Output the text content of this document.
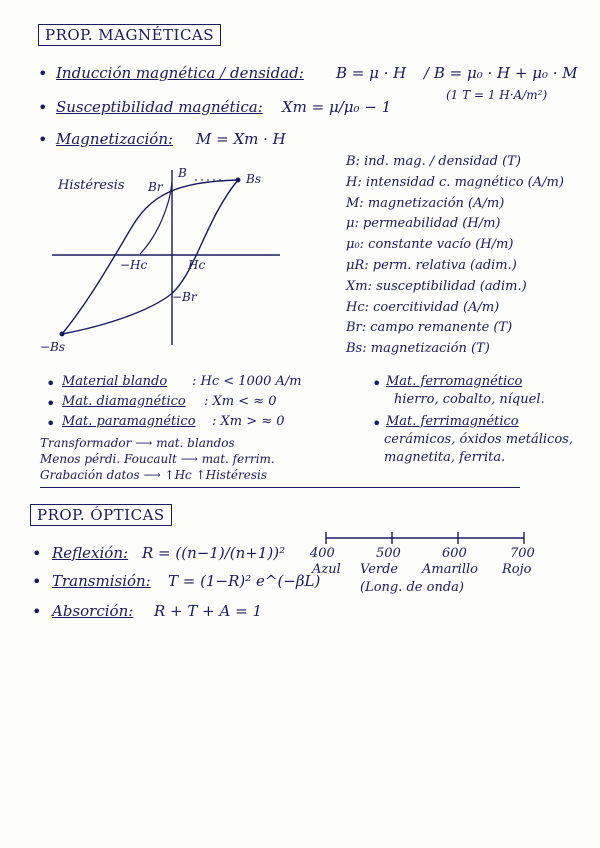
PROP. MAGNÉTICAS
• Inducción magnética / densidad: B = μ · H / B = μ₀ · H + μ₀ · M
(1 T = 1 H·A/m²)
• Susceptibilidad magnética: Xm = μ/μ₀ − 1
• Magnetización: M = Xm · H
Histéresis
B
Br
Bs
−Hc	Hc
−Br
−Bs
B: ind. mag. / densidad (T)
H: intensidad c. magnético (A/m)
M: magnetización (A/m)
μ: permeabilidad (H/m)
μ₀: constante vacío (H/m)
μR: perm. relativa (adim.)
Xm: susceptibilidad (adim.)
Hc: coercitividad (A/m)
Br: campo remanente (T)
Bs: magnetización (T)
• Material blando : Hc < 1000 A/m
• Mat. diamagnético : Xm < ≈ 0
• Mat. paramagnético : Xm > ≈ 0
Transformador ⟶ mat. blandos
Menos pérdi. Foucault ⟶ mat. ferrim.
Grabación datos ⟶ ↑Hc ↑Histéresis
• Mat. ferromagnético
hierro, cobalto, níquel.
• Mat. ferrimagnético
cerámicos, óxidos metálicos,
magnetita, ferrita.
PROP. ÓPTICAS
• Reflexión: R = ((n−1)/(n+1))²
• Transmisión: T = (1−R)² e^(−βL)
• Absorción: R + T + A = 1
400	500	600	700
Azul Verde Amarillo Rojo
(Long. de onda)
